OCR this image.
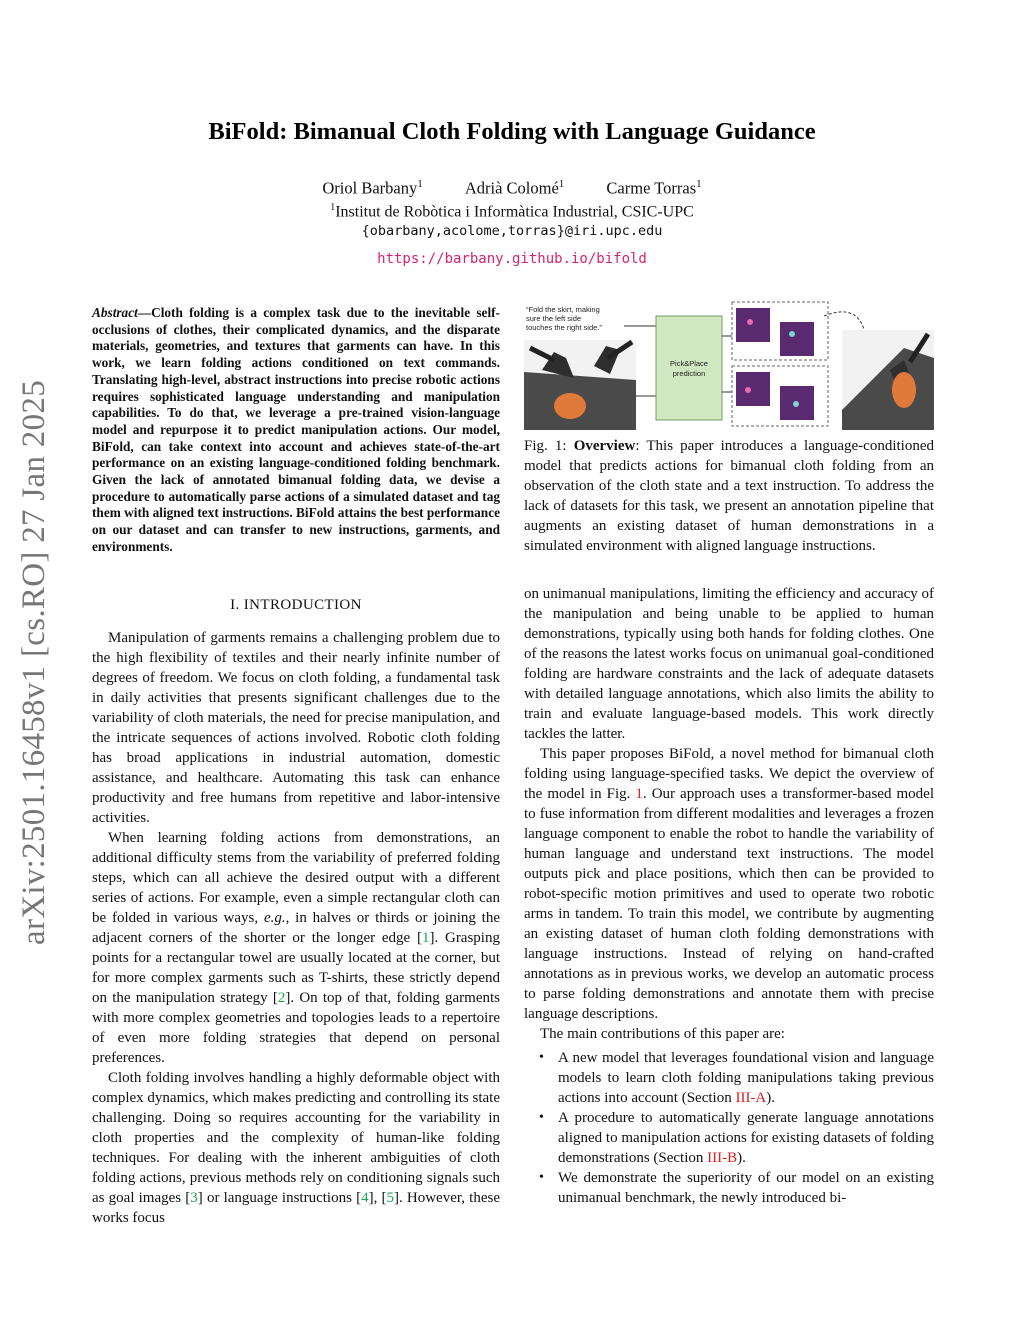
arXiv:2501.16458v1 [cs.RO] 27 Jan 2025
BiFold: Bimanual Cloth Folding with Language Guidance
Oriol Barbany$^1$	Adrià Colomé$^1$	Carme Torras$^1$
$^1$Institut de Robòtica i Informàtica Industrial, CSIC-UPC
{obarbany,acolome,torras}@iri.upc.edu
https://barbany.github.io/bifold
Abstract—Cloth folding is a complex task due to the inevitable self-occlusions of clothes, their complicated dynamics, and the disparate materials, geometries, and textures that garments can have. In this work, we learn folding actions conditioned on text commands. Translating high-level, abstract instructions into precise robotic actions requires sophisticated language understanding and manipulation capabilities. To do that, we leverage a pre-trained vision-language model and repurpose it to predict manipulation actions. Our model, BiFold, can take context into account and achieves state-of-the-art performance on an existing language-conditioned folding benchmark. Given the lack of annotated bimanual folding data, we devise a procedure to automatically parse actions of a simulated dataset and tag them with aligned text instructions. BiFold attains the best performance on our dataset and can transfer to new instructions, garments, and environments.
I. INTRODUCTION
“Fold the skirt, making
sure the left side
touches the right side.”
Pick&Place
prediction
Fig. 1: Overview: This paper introduces a language-conditioned model that predicts actions for bimanual cloth folding from an observation of the cloth state and a text instruction. To address the lack of datasets for this task, we present an annotation pipeline that augments an existing dataset of human demonstrations in a simulated environment with aligned language instructions.

Manipulation of garments remains a challenging problem due to the high flexibility of textiles and their nearly infinite number of degrees of freedom. We focus on cloth folding, a fundamental task in daily activities that presents significant challenges due to the variability of cloth materials, the need for precise manipulation, and the intricate sequences of actions involved. Robotic cloth folding has broad applications in industrial automation, domestic assistance, and healthcare. Automating this task can enhance productivity and free humans from repetitive and labor-intensive activities.

When learning folding actions from demonstrations, an additional difficulty stems from the variability of preferred folding steps, which can all achieve the desired output with a different series of actions. For example, even a simple rectangular cloth can be folded in various ways, e.g., in halves or thirds or joining the adjacent corners of the shorter or the longer edge [1]. Grasping points for a rectangular towel are usually located at the corner, but for more complex garments such as T-shirts, these strictly depend on the manipulation strategy [2]. On top of that, folding garments with more complex geometries and topologies leads to a repertoire of even more folding strategies that depend on personal preferences.

Cloth folding involves handling a highly deformable object with complex dynamics, which makes predicting and controlling its state challenging. Doing so requires accounting for the variability in cloth properties and the complexity of human-like folding techniques. For dealing with the inherent ambiguities of cloth folding actions, previous methods rely on conditioning signals such as goal images [3] or language instructions [4], [5]. However, these works focus

on unimanual manipulations, limiting the efficiency and accuracy of the manipulation and being unable to be applied to human demonstrations, typically using both hands for folding clothes. One of the reasons the latest works focus on unimanual goal-conditioned folding are hardware constraints and the lack of adequate datasets with detailed language annotations, which also limits the ability to train and evaluate language-based models. This work directly tackles the latter.

This paper proposes BiFold, a novel method for bimanual cloth folding using language-specified tasks. We depict the overview of the model in Fig. 1. Our approach uses a transformer-based model to fuse information from different modalities and leverages a frozen language component to enable the robot to handle the variability of human language and understand text instructions. The model outputs pick and place positions, which then can be provided to robot-specific motion primitives and used to operate two robotic arms in tandem. To train this model, we contribute by augmenting an existing dataset of human cloth folding demonstrations with language instructions. Instead of relying on hand-crafted annotations as in previous works, we develop an automatic process to parse folding demonstrations and annotate them with precise language descriptions.

The main contributions of this paper are:

• A new model that leverages foundational vision and language models to learn cloth folding manipulations taking previous actions into account (Section III-A).
• A procedure to automatically generate language annotations aligned to manipulation actions for existing datasets of folding demonstrations (Section III-B).
• We demonstrate the superiority of our model on an existing unimanual benchmark, the newly introduced bi-
